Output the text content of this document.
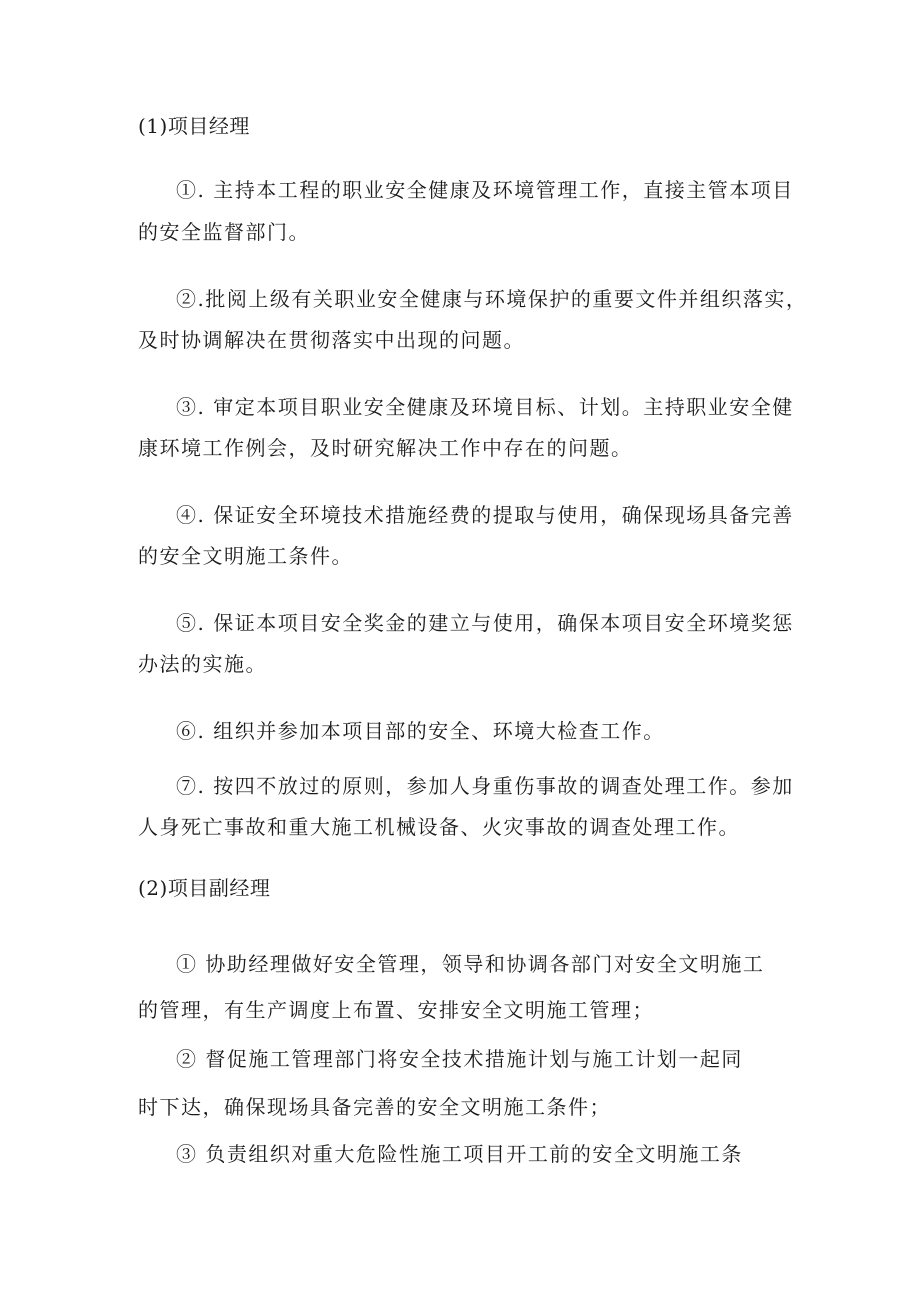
(1)项目经理
①. 主持本工程的职业安全健康及环境管理工作，直接主管本项目
的安全监督部门。
②.批阅上级有关职业安全健康与环境保护的重要文件并组织落实，
及时协调解决在贯彻落实中出现的问题。
③. 审定本项目职业安全健康及环境目标、计划。主持职业安全健
康环境工作例会，及时研究解决工作中存在的问题。
④. 保证安全环境技术措施经费的提取与使用，确保现场具备完善
的安全文明施工条件。
⑤. 保证本项目安全奖金的建立与使用，确保本项目安全环境奖惩
办法的实施。
⑥. 组织并参加本项目部的安全、环境大检查工作。
⑦. 按四不放过的原则，参加人身重伤事故的调查处理工作。参加
人身死亡事故和重大施工机械设备、火灾事故的调查处理工作。
(2)项目副经理
① 协助经理做好安全管理，领导和协调各部门对安全文明施工
的管理，有生产调度上布置、安排安全文明施工管理；
② 督促施工管理部门将安全技术措施计划与施工计划一起同
时下达，确保现场具备完善的安全文明施工条件；
③ 负责组织对重大危险性施工项目开工前的安全文明施工条
